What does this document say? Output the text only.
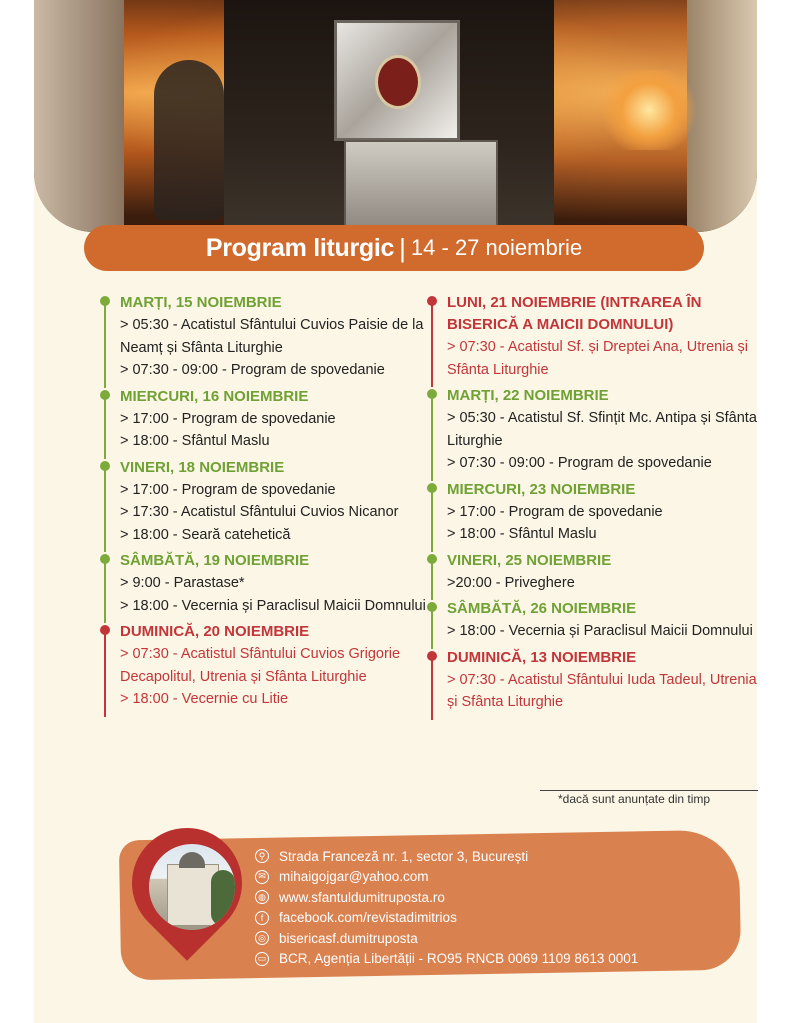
Program liturgic | 14 - 27 noiembrie
MARȚI, 15 NOIEMBRIE
> 05:30 - Acatistul Sfântului Cuvios Paisie de la Neamț și Sfânta Liturghie
> 07:30 - 09:00 - Program de spovedanie
MIERCURI, 16 NOIEMBRIE
> 17:00 - Program de spovedanie
> 18:00 - Sfântul Maslu
VINERI, 18 NOIEMBRIE
> 17:00 - Program de spovedanie
> 17:30 - Acatistul Sfântului Cuvios Nicanor
> 18:00 - Seară catehetică
SÂMBĂTĂ, 19 NOIEMBRIE
> 9:00 - Parastase*
> 18:00 - Vecernia și Paraclisul Maicii Domnului
DUMINICĂ, 20 NOIEMBRIE
> 07:30 - Acatistul Sfântului Cuvios Grigorie Decapolitul, Utrenia și Sfânta Liturghie
> 18:00 - Vecernie cu Litie
LUNI, 21 NOIEMBRIE (INTRAREA ÎN BISERICĂ A MAICII DOMNULUI)
> 07:30 - Acatistul Sf. și Dreptei Ana, Utrenia și Sfânta Liturghie
MARȚI, 22 NOIEMBRIE
> 05:30 - Acatistul Sf. Sfințit Mc. Antipa și Sfânta Liturghie
> 07:30 - 09:00 - Program de spovedanie
MIERCURI, 23 NOIEMBRIE
> 17:00 - Program de spovedanie
> 18:00 - Sfântul Maslu
VINERI, 25 NOIEMBRIE
>20:00 - Priveghere
SÂMBĂTĂ, 26 NOIEMBRIE
> 18:00 - Vecernia și Paraclisul Maicii Domnului
DUMINICĂ, 13 NOIEMBRIE
> 07:30 - Acatistul Sfântului Iuda Tadeul, Utrenia și Sfânta Liturghie
*dacă sunt anunțate din timp
⚲ Strada Franceză nr. 1, sector 3, București
✉ mihaigojgar@yahoo.com
◍ www.sfantuldumitruposta.ro
f	facebook.com/revistadimitrios
◎ bisericasf.dumitruposta
▭ BCR, Agenția Libertății - RO95 RNCB 0069 1109 8613 0001
